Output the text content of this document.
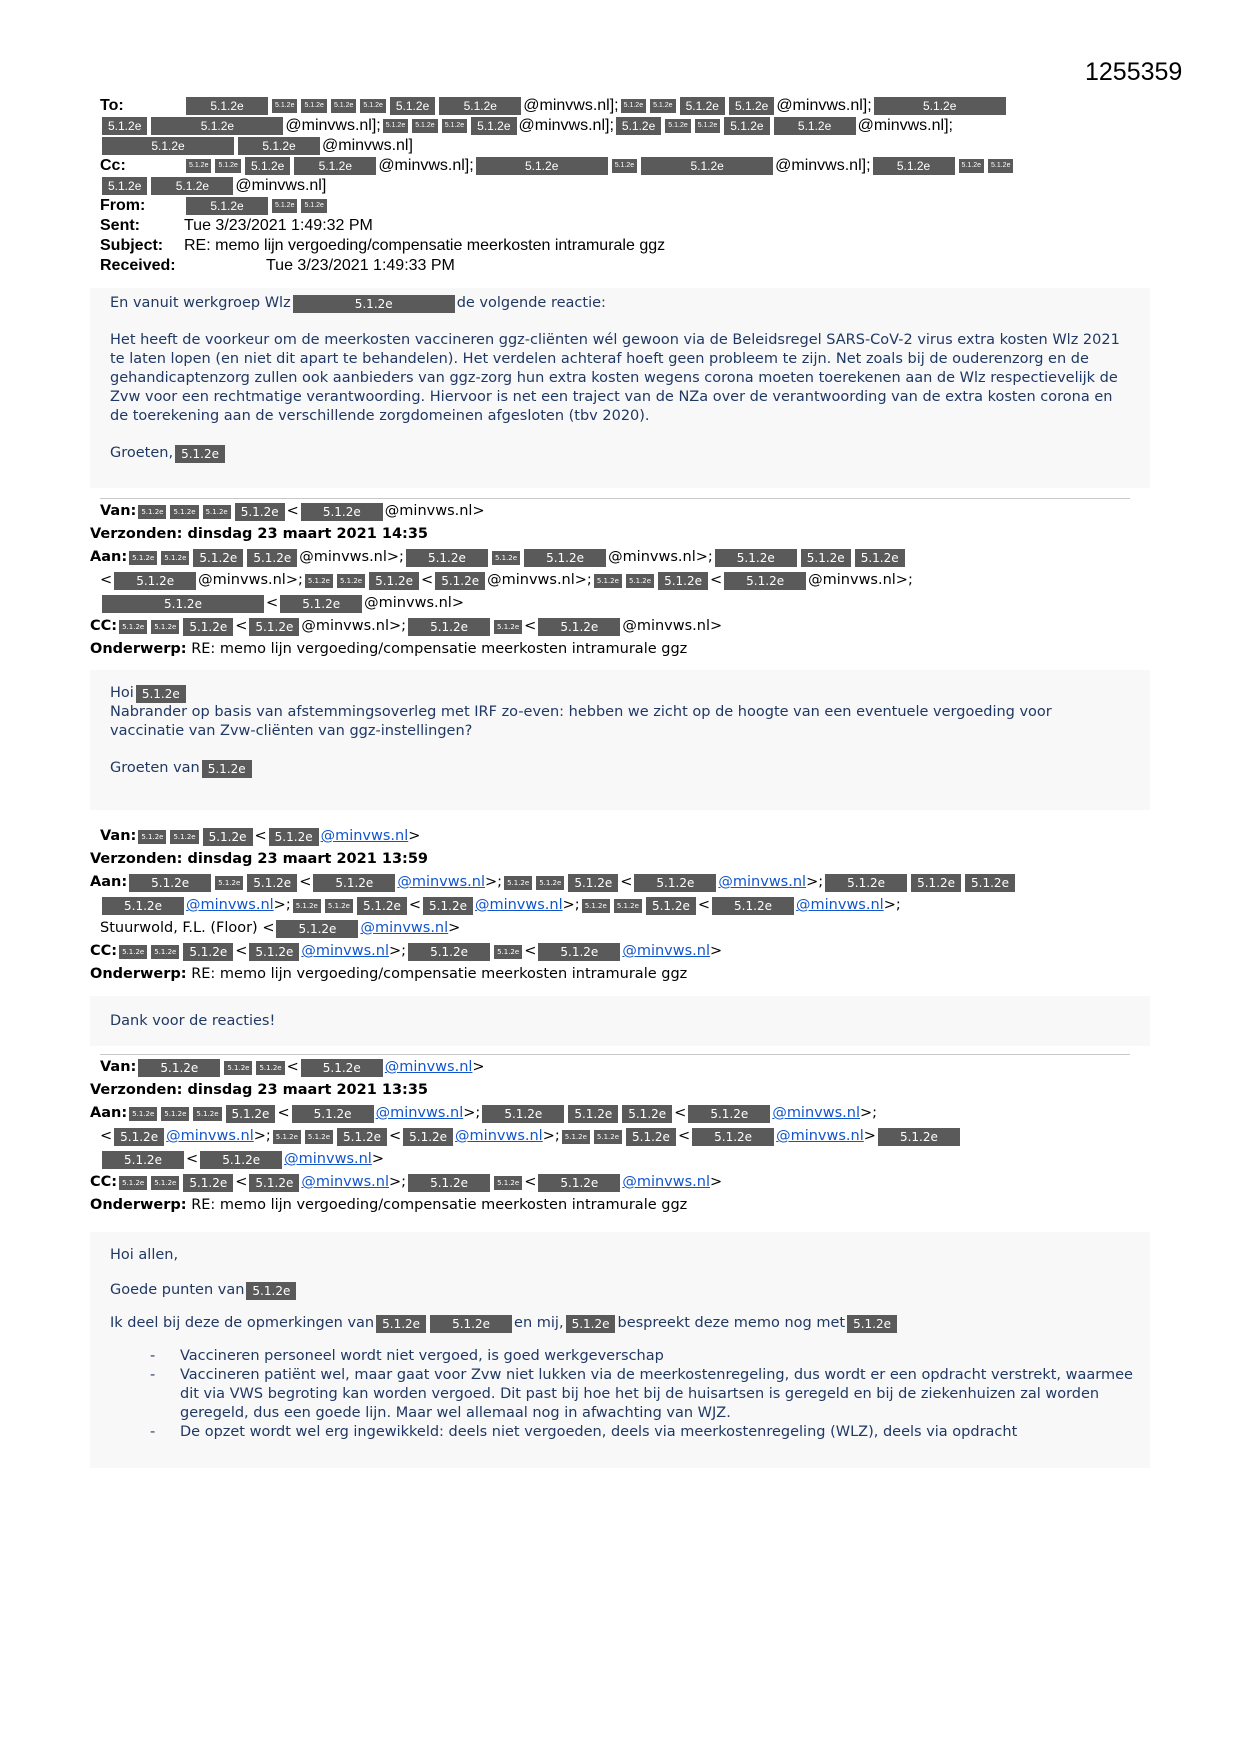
1255359
To:	5.1.2e	5.1.2e	5.1.2e	5.1.2e	5.1.2e	5.1.2e	5.1.2e	@minvws.nl]; 5.1.2e	5.1.2e	5.1.2e	5.1.2e @minvws.nl];	5.1.2e
5.1.2e	5.1.2e	@minvws.nl]; 5.1.2e	5.1.2e	5.1.2e	5.1.2e @minvws.nl]; 5.1.2e	5.1.2e	5.1.2e	5.1.2e	5.1.2e	@minvws.nl];
5.1.2e	5.1.2e	@minvws.nl]
Cc:	5.1.2e	5.1.2e	5.1.2e	5.1.2e	@minvws.nl];	5.1.2e	5.1.2e	5.1.2e	@minvws.nl];	5.1.2e	5.1.2e	5.1.2e
5.1.2e	5.1.2e	@minvws.nl]
From:	5.1.2e	5.1.2e	5.1.2e
Sent:	Tue 3/23/2021 1:49:32 PM
Subject:	RE: memo lijn vergoeding/compensatie meerkosten intramurale ggz
Received:	Tue 3/23/2021 1:49:33 PM
En vanuit werkgroep Wlz	5.1.2e	de volgende reactie:
Het heeft de voorkeur om de meerkosten vaccineren ggz-cliënten wél gewoon via de Beleidsregel SARS-CoV-2 virus extra kosten Wlz 2021 te laten lopen (en niet dit apart te behandelen). Het verdelen achteraf hoeft geen probleem te zijn. Net zoals bij de ouderenzorg en de gehandicaptenzorg zullen ook aanbieders van ggz-zorg hun extra kosten wegens corona moeten toerekenen aan de Wlz respectievelijk de Zvw voor een rechtmatige verantwoording. Hiervoor is net een traject van de NZa over de verantwoording van de extra kosten corona en de toerekening aan de verschillende zorgdomeinen afgesloten (tbv 2020).
Groeten, 5.1.2e
Van: 5.1.2e	5.1.2e	5.1.2e	5.1.2e <	5.1.2e	@minvws.nl>
Verzonden: dinsdag 23 maart 2021 14:35
Aan: 5.1.2e	5.1.2e	5.1.2e	5.1.2e @minvws.nl>;	5.1.2e	5.1.2e	5.1.2e	@minvws.nl>;	5.1.2e	5.1.2e	5.1.2e
<	5.1.2e	@minvws.nl>; 5.1.2e	5.1.2e	5.1.2e < 5.1.2e @minvws.nl>; 5.1.2e	5.1.2e	5.1.2e <	5.1.2e	@minvws.nl>;
5.1.2e	<	5.1.2e	@minvws.nl>
CC: 5.1.2e	5.1.2e	5.1.2e < 5.1.2e @minvws.nl>;	5.1.2e	5.1.2e <	5.1.2e	@minvws.nl>
Onderwerp:
RE: memo lijn vergoeding/compensatie meerkosten intramurale ggz
Hoi 5.1.2e
Nabrander op basis van afstemmingsoverleg met IRF zo-even: hebben we zicht op de hoogte van een eventuele vergoeding voor vaccinatie van Zvw-cliënten van ggz-instellingen?
Groeten van 5.1.2e
Van: 5.1.2e	5.1.2e	5.1.2e < 5.1.2e @minvws.nl >
Verzonden: dinsdag 23 maart 2021 13:59
Aan:	5.1.2e	5.1.2e	5.1.2e <	5.1.2e	@minvws.nl >; 5.1.2e	5.1.2e	5.1.2e <	5.1.2e	@minvws.nl >;	5.1.2e	5.1.2e	5.1.2e
5.1.2e	@minvws.nl >; 5.1.2e	5.1.2e	5.1.2e < 5.1.2e @minvws.nl >; 5.1.2e	5.1.2e	5.1.2e <	5.1.2e	@minvws.nl >;
Stuurwold, F.L. (Floor) <	5.1.2e	@minvws.nl >
CC: 5.1.2e	5.1.2e	5.1.2e < 5.1.2e @minvws.nl >;	5.1.2e	5.1.2e <	5.1.2e	@minvws.nl >
Onderwerp:
RE: memo lijn vergoeding/compensatie meerkosten intramurale ggz
Dank voor de reacties!
Van:	5.1.2e	5.1.2e	5.1.2e <	5.1.2e	@minvws.nl >
Verzonden: dinsdag 23 maart 2021 13:35
Aan: 5.1.2e	5.1.2e	5.1.2e	5.1.2e <	5.1.2e	@minvws.nl >;	5.1.2e	5.1.2e	5.1.2e <	5.1.2e	@minvws.nl >;
< 5.1.2e @minvws.nl >; 5.1.2e	5.1.2e	5.1.2e < 5.1.2e @minvws.nl >; 5.1.2e	5.1.2e	5.1.2e <	5.1.2e	@minvws.nl >	5.1.2e
5.1.2e	<	5.1.2e	@minvws.nl >
CC: 5.1.2e	5.1.2e	5.1.2e < 5.1.2e @minvws.nl >;	5.1.2e	5.1.2e <	5.1.2e	@minvws.nl >
Onderwerp:
RE: memo lijn vergoeding/compensatie meerkosten intramurale ggz
Hoi allen,
Goede punten van 5.1.2e
Ik deel bij deze de opmerkingen van 5.1.2e	5.1.2e	en mij, 5.1.2e bespreekt deze memo nog met 5.1.2e
- Vaccineren personeel wordt niet vergoed, is goed werkgeverschap
- Vaccineren patiënt wel, maar gaat voor Zvw niet lukken via de meerkostenregeling, dus wordt er een opdracht verstrekt, waarmee dit via VWS begroting kan worden vergoed. Dit past bij hoe het bij de huisartsen is geregeld en bij de ziekenhuizen zal worden geregeld, dus een goede lijn. Maar wel allemaal nog in afwachting van WJZ.
- De opzet wordt wel erg ingewikkeld: deels niet vergoeden, deels via meerkostenregeling (WLZ), deels via opdracht
